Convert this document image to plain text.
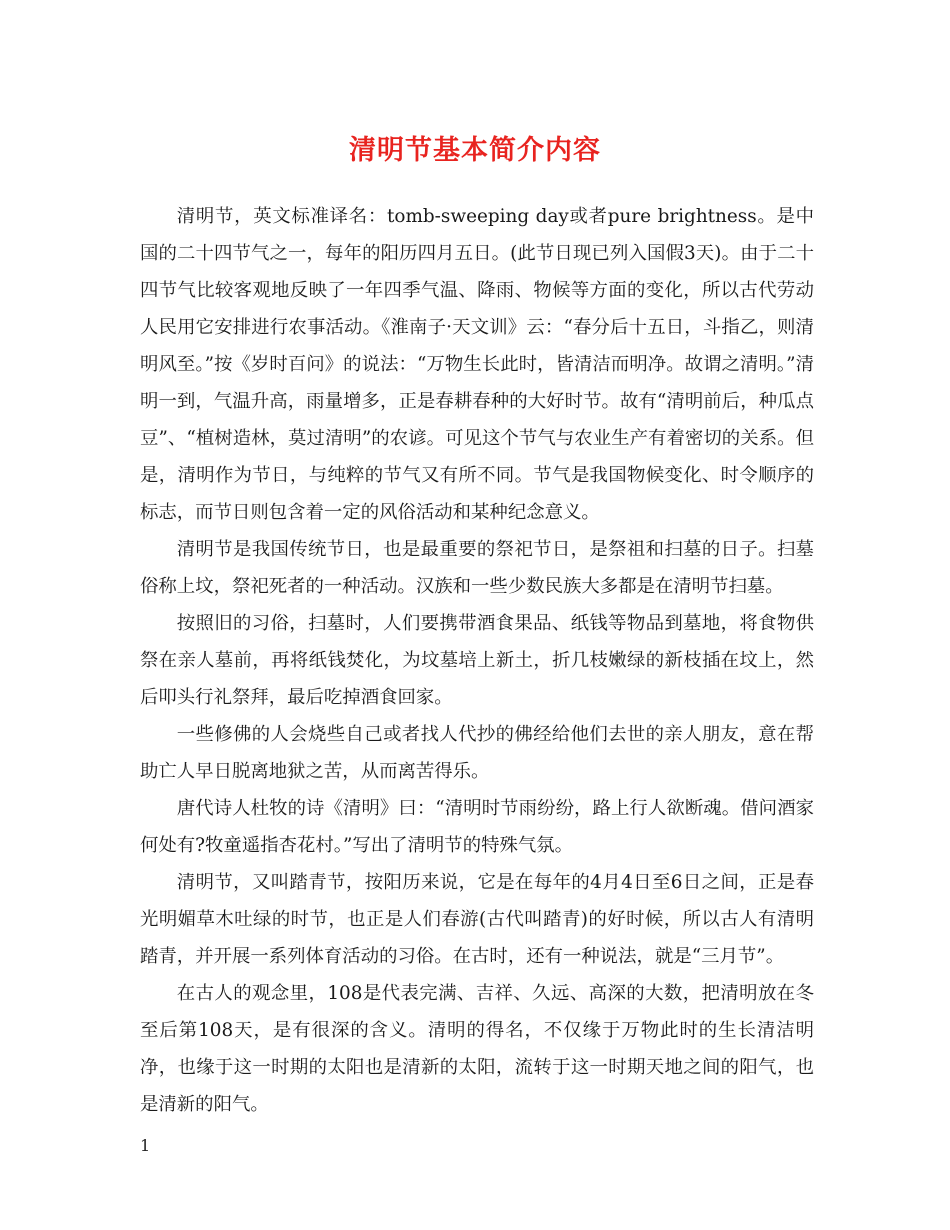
清明节基本简介内容

清明节，英文标准译名：tomb-sweeping day或者pure brightness。是中国的二十四节气之一，每年的阳历四月五日。(此节日现已列入国假3天)。由于二十四节气比较客观地反映了一年四季气温、降雨、物候等方面的变化，所以古代劳动人民用它安排进行农事活动。《淮南子·天文训》云：“春分后十五日，斗指乙，则清明风至。”按《岁时百问》的说法：“万物生长此时，皆清洁而明净。故谓之清明。”清明一到，气温升高，雨量增多，正是春耕春种的大好时节。故有“清明前后，种瓜点豆”、“植树造林，莫过清明”的农谚。可见这个节气与农业生产有着密切的关系。但是，清明作为节日，与纯粹的节气又有所不同。节气是我国物候变化、时令顺序的标志，而节日则包含着一定的风俗活动和某种纪念意义。

清明节是我国传统节日，也是最重要的祭祀节日，是祭祖和扫墓的日子。扫墓俗称上坟，祭祀死者的一种活动。汉族和一些少数民族大多都是在清明节扫墓。

按照旧的习俗，扫墓时，人们要携带酒食果品、纸钱等物品到墓地，将食物供祭在亲人墓前，再将纸钱焚化，为坟墓培上新土，折几枝嫩绿的新枝插在坟上，然后叩头行礼祭拜，最后吃掉酒食回家。

一些修佛的人会烧些自己或者找人代抄的佛经给他们去世的亲人朋友，意在帮助亡人早日脱离地狱之苦，从而离苦得乐。

唐代诗人杜牧的诗《清明》曰：“清明时节雨纷纷，路上行人欲断魂。借问酒家何处有?牧童遥指杏花村。”写出了清明节的特殊气氛。

清明节，又叫踏青节，按阳历来说，它是在每年的4月4日至6日之间，正是春光明媚草木吐绿的时节，也正是人们春游(古代叫踏青)的好时候，所以古人有清明踏青，并开展一系列体育活动的习俗。在古时，还有一种说法，就是“三月节”。

在古人的观念里，108是代表完满、吉祥、久远、高深的大数，把清明放在冬至后第108天，是有很深的含义。清明的得名，不仅缘于万物此时的生长清洁明净，也缘于这一时期的太阳也是清新的太阳，流转于这一时期天地之间的阳气，也是清新的阳气。

1
